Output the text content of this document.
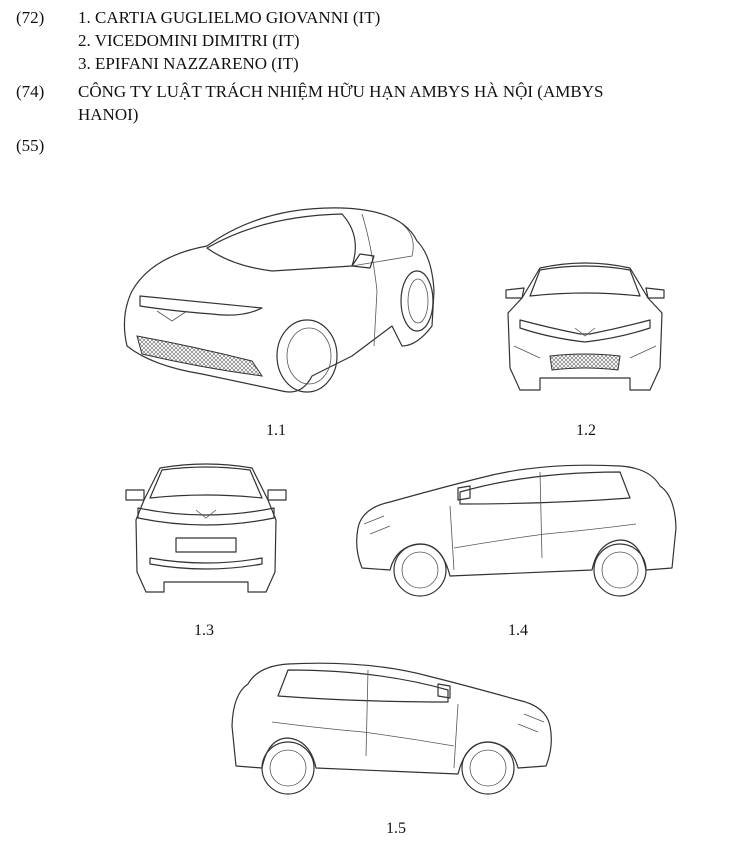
(72)	1. CARTIA GUGLIELMO GIOVANNI (IT)
2. VICEDOMINI DIMITRI (IT)
3. EPIFANI NAZZARENO (IT)
(74)	CÔNG TY LUẬT TRÁCH NHIỆM HỮU HẠN AMBYS HÀ NỘI (AMBYS
HANOI)
(55)
1.1	1.2
1.3	1.4
1.5
